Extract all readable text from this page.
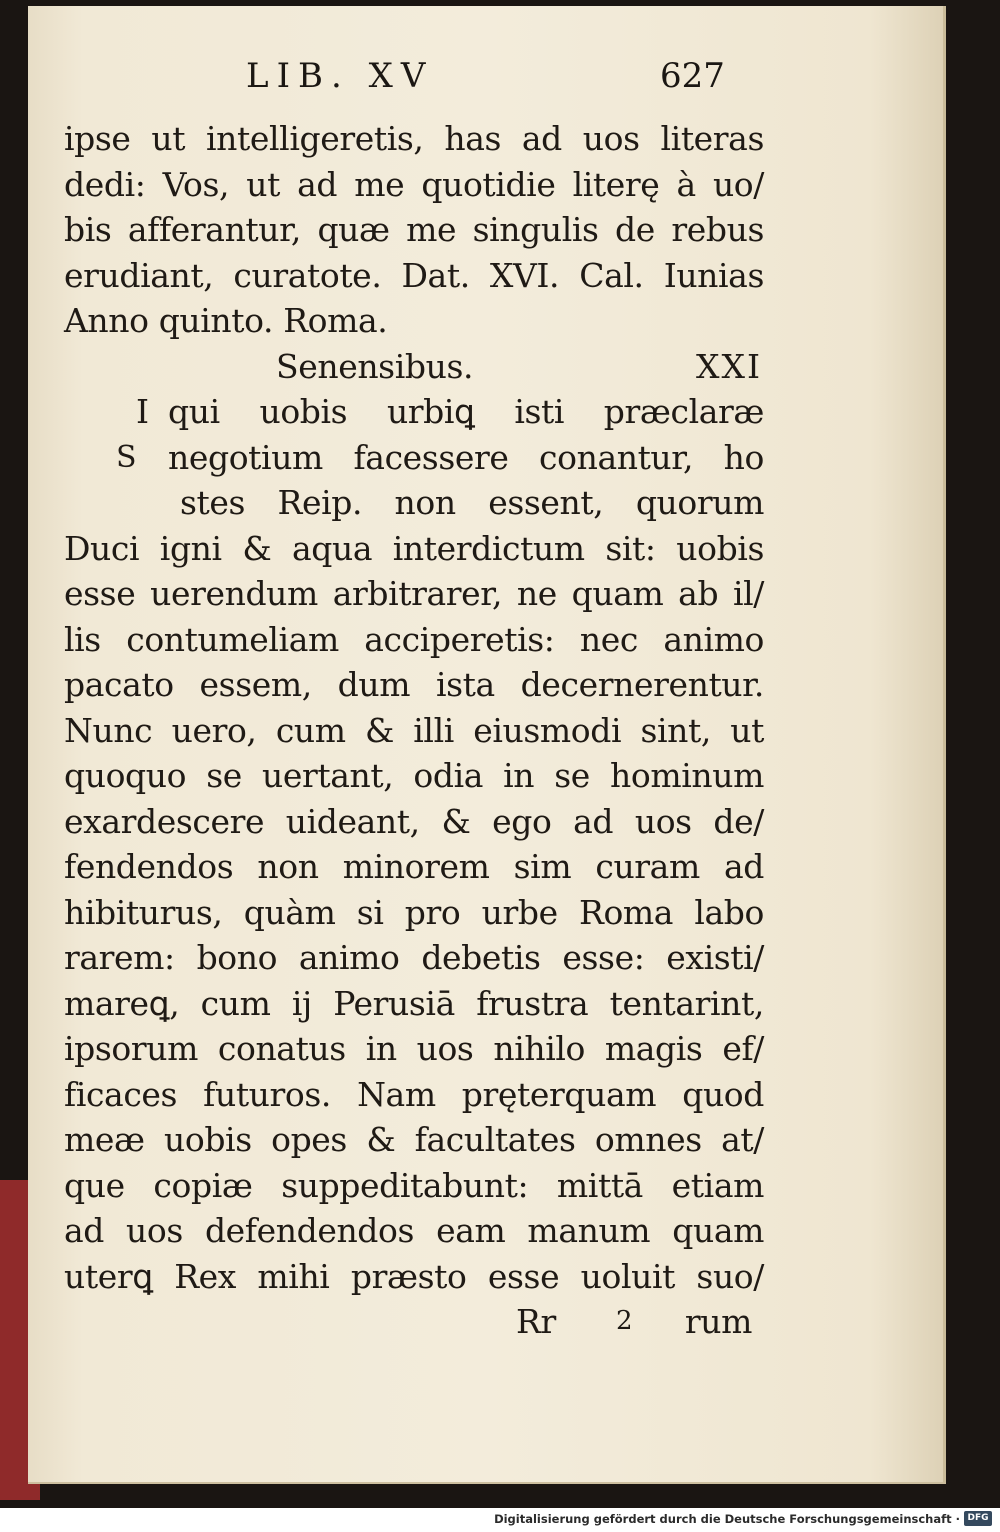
LIB. XV	627
ipse ut intelligeretis, has ad uos literas
dedi: Vos, ut ad me quotidie literę à uo/
bis afferantur, quæ me singulis de rebus
erudiant, curatote. Dat. XVI. Cal. Iunias
Anno quinto. Roma.
Senensibus.	XXI
I qui uobis urbiꝗ isti præclaræ
S negotium facessere conantur, ho
stes Reip. non essent, quorum
Duci igni & aqua interdictum sit: uobis
esse uerendum arbitrarer, ne quam ab il/
lis contumeliam acciperetis: nec animo
pacato essem, dum ista decernerentur.
Nunc uero, cum & illi eiusmodi sint, ut
quoquo se uertant, odia in se hominum
exardescere uideant, & ego ad uos de/
fendendos non minorem sim curam ad
hibiturus, quàm si pro urbe Roma labo
rarem: bono animo debetis esse: existi/
mareꝗ, cum ij Perusiā frustra tentarint,
ipsorum conatus in uos nihilo magis ef/
ficaces futuros. Nam pręterquam quod
meæ uobis opes & facultates omnes at/
que copiæ suppeditabunt: mittā etiam
ad uos defendendos eam manum quam
uterꝗ Rex mihi præsto esse uoluit suo/
Rr 2 rum
Digitalisierung gefördert durch die Deutsche Forschungsgemeinschaft · DFG
